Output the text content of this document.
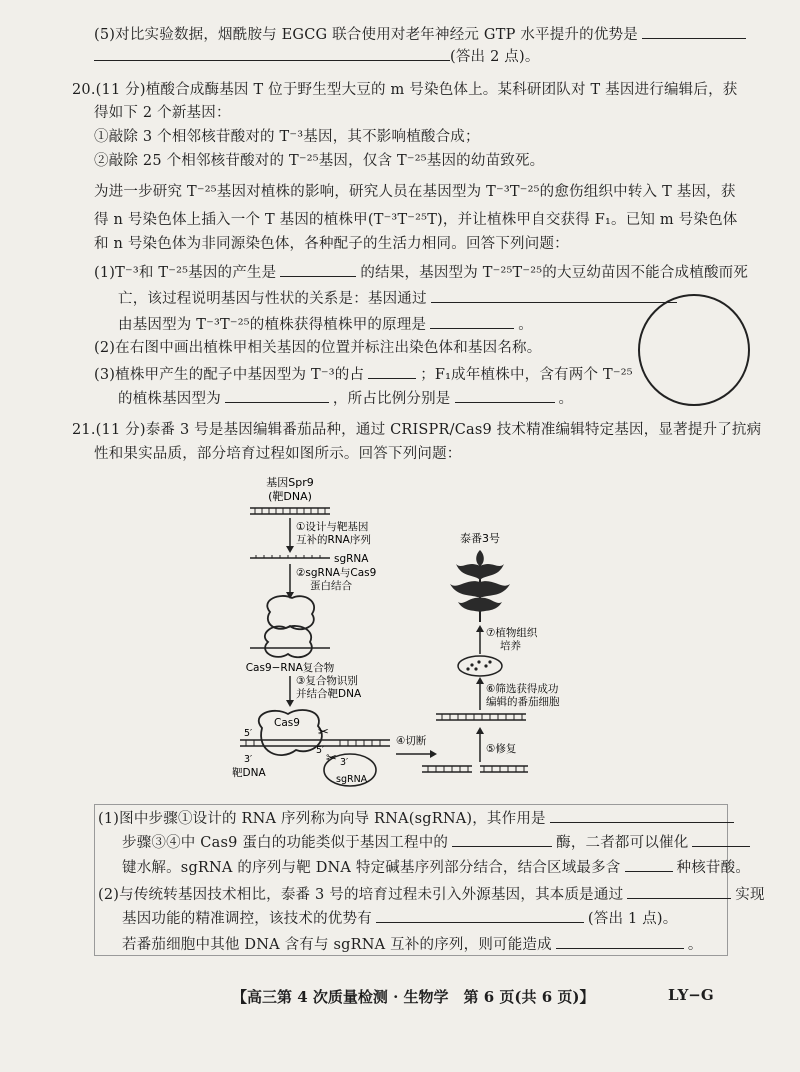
(5)对比实验数据，烟酰胺与 EGCG 联合使用对老年神经元 GTP 水平提升的优势是
(答出 2 点)。
20.(11 分)植酸合成酶基因 T 位于野生型大豆的 m 号染色体上。某科研团队对 T 基因进行编辑后，获
得如下 2 个新基因：
①敲除 3 个相邻核苷酸对的 T⁻³基因，其不影响植酸合成；
②敲除 25 个相邻核苷酸对的 T⁻²⁵基因，仅含 T⁻²⁵基因的幼苗致死。
为进一步研究 T⁻²⁵基因对植株的影响，研究人员在基因型为 T⁻³T⁻²⁵的愈伤组织中转入 T 基因，获
得 n 号染色体上插入一个 T 基因的植株甲(T⁻³T⁻²⁵T)，并让植株甲自交获得 F₁。已知 m 号染色体
和 n 号染色体为非同源染色体，各种配子的生活力相同。回答下列问题：
(1)T⁻³和 T⁻²⁵基因的产生是	的结果，基因型为 T⁻²⁵T⁻²⁵的大豆幼苗因不能合成植酸而死
亡，该过程说明基因与性状的关系是：基因通过
由基因型为 T⁻³T⁻²⁵的植株获得植株甲的原理是	。
(2)在右图中画出植株甲相关基因的位置并标注出染色体和基因名称。
(3)植株甲产生的配子中基因型为 T⁻³的占	；F₁成年植株中，含有两个 T⁻²⁵
的植株基因型为	，所占比例分别是	。
21.(11 分)泰番 3 号是基因编辑番茄品种，通过 CRISPR/Cas9 技术精准编辑特定基因，显著提升了抗病
性和果实品质，部分培育过程如图所示。回答下列问题：
基因Spr9
(靶DNA)
①设计与靶基因
互补的RNA序列
sgRNA
②sgRNA与Cas9
蛋白结合
Cas9−RNA复合物
③复合物识别
并结合靶DNA
Cas9
5′
3′
5′
3′
靶DNA
sgRNA
✂
✂
④切断
⑤修复
⑥筛选获得成功
编辑的番茄细胞
⑦植物组织
培养
泰番3号
(1)图中步骤①设计的 RNA 序列称为向导 RNA(sgRNA)，其作用是
步骤③④中 Cas9 蛋白的功能类似于基因工程中的	酶，二者都可以催化
键水解。sgRNA 的序列与靶 DNA 特定碱基序列部分结合，结合区域最多含	种核苷酸。
(2)与传统转基因技术相比，泰番 3 号的培育过程未引入外源基因，其本质是通过	实现
基因功能的精准调控，该技术的优势有	(答出 1 点)。
若番茄细胞中其他 DNA 含有与 sgRNA 互补的序列，则可能造成	。
【高三第 4 次质量检测 · 生物学　第 6 页(共 6 页)】	LY−G
